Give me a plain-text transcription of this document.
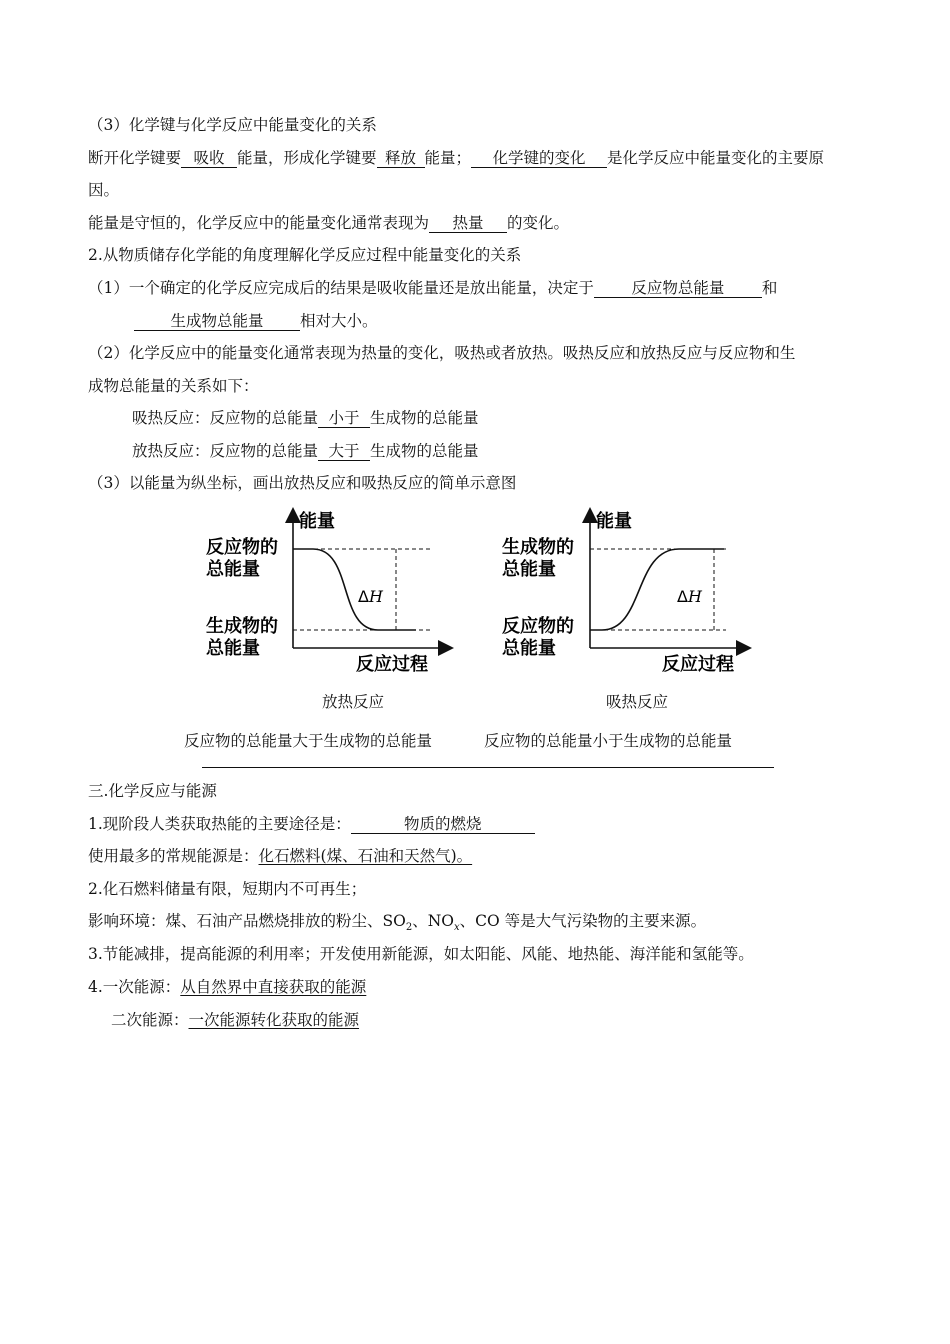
（3）化学键与化学反应中能量变化的关系
断开化学键要 吸收 能量，形成化学键要 释放 能量； 化学键的变化 是化学反应中能量变化的主要原
因。
能量是守恒的，化学反应中的能量变化通常表现为 热量 的变化。
2.从物质储存化学能的角度理解化学反应过程中能量变化的关系
（1）一个确定的化学反应完成后的结果是吸收能量还是放出能量，决定于 反应物总能量 和
生成物总能量 相对大小。
（2）化学反应中的能量变化通常表现为热量的变化，吸热或者放热。吸热反应和放热反应与反应物和生
成物总能量的关系如下：
吸热反应：反应物的总能量 小于 生成物的总能量
放热反应：反应物的总能量 大于 生成物的总能量
（3）以能量为纵坐标，画出放热反应和吸热反应的简单示意图
能量
反应物的
总能量
生成物的
总能量
ΔH
反应过程
放热反应
能量
生成物的
总能量
反应物的
总能量
ΔH
反应过程
吸热反应
反应物的总能量大于生成物的总能量	反应物的总能量小于生成物的总能量
三.化学反应与能源
1.现阶段人类获取热能的主要途径是：	物质的燃烧
使用最多的常规能源是：化石燃料(煤、石油和天然气)。
2.化石燃料储量有限，短期内不可再生；
影响环境：煤、石油产品燃烧排放的粉尘、$SO_2$、$NO_x$、CO 等是大气污染物的主要来源。
3.节能减排，提高能源的利用率；开发使用新能源，如太阳能、风能、地热能、海洋能和氢能等。
4.一次能源：从自然界中直接获取的能源
二次能源：一次能源转化获取的能源
